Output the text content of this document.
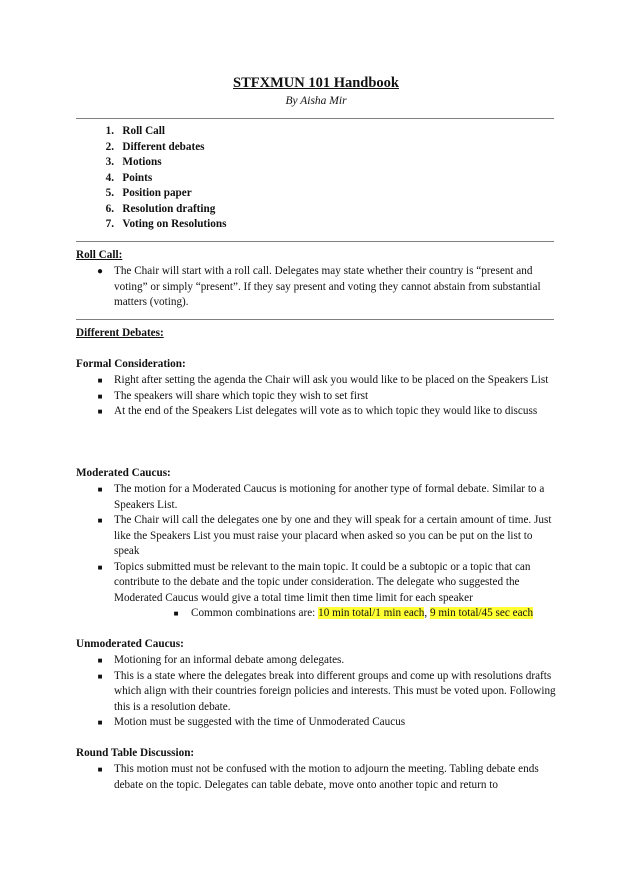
STFXMUN 101 Handbook
By Aisha Mir
1. Roll Call
2. Different debates
3. Motions
4. Points
5. Position paper
6. Resolution drafting
7. Voting on Resolutions
Roll Call:
● The Chair will start with a roll call. Delegates may state whether their country is “present and voting” or simply “present”. If they say present and voting they cannot abstain from substantial matters (voting).
Different Debates:
Formal Consideration:
■	Right after setting the agenda the Chair will ask you would like to be placed on the Speakers List
■	The speakers will share which topic they wish to set first
■	At the end of the Speakers List delegates will vote as to which topic they would like to discuss
Moderated Caucus:
■	The motion for a Moderated Caucus is motioning for another type of formal debate. Similar to a Speakers List.
■	The Chair will call the delegates one by one and they will speak for a certain amount of time. Just like the Speakers List you must raise your placard when asked so you can be put on the list to speak
■	Topics submitted must be relevant to the main topic. It could be a subtopic or a topic that can contribute to the debate and the topic under consideration. The delegate who suggested the Moderated Caucus would give a total time limit then time limit for each speaker
■	Common combinations are: 10 min total/1 min each, 9 min total/45 sec each
Unmoderated Caucus:
■	Motioning for an informal debate among delegates.
■	This is a state where the delegates break into different groups and come up with resolutions drafts which align with their countries foreign policies and interests. This must be voted upon. Following this is a resolution debate.
■	Motion must be suggested with the time of Unmoderated Caucus
Round Table Discussion:
■	This motion must not be confused with the motion to adjourn the meeting. Tabling debate ends debate on the topic. Delegates can table debate, move onto another topic and return to
